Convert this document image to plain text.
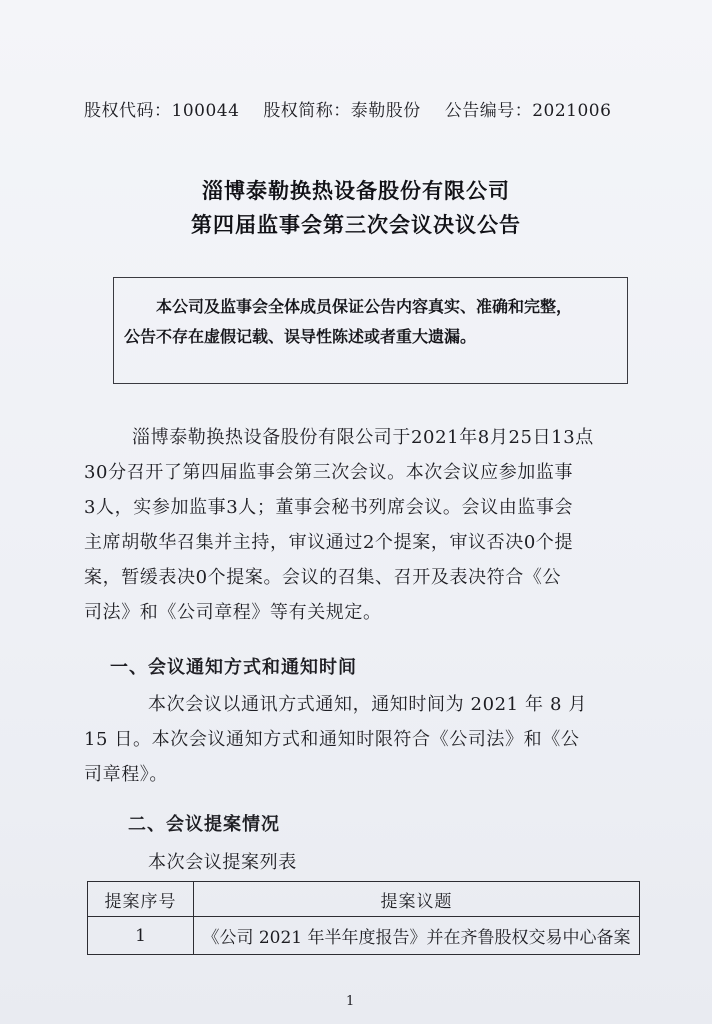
股权代码：100044 股权简称：泰勒股份 公告编号：2021006
淄博泰勒换热设备股份有限公司
第四届监事会第三次会议决议公告
本公司及监事会全体成员保证公告内容真实、准确和完整，
公告不存在虚假记载、误导性陈述或者重大遗漏。
淄博泰勒换热设备股份有限公司于2021年8月25日13点
30分召开了第四届监事会第三次会议。本次会议应参加监事
3人，实参加监事3人；董事会秘书列席会议。会议由监事会
主席胡敬华召集并主持，审议通过2个提案，审议否决0个提
案，暂缓表决0个提案。会议的召集、召开及表决符合《公
司法》和《公司章程》等有关规定。
一、会议通知方式和通知时间
本次会议以通讯方式通知，通知时间为 2021 年 8 月
15 日。本次会议通知方式和通知时限符合《公司法》和《公
司章程》。
二、会议提案情况
本次会议提案列表
提案序号	提案议题
1	《公司 2021 年半年度报告》并在齐鲁股权交易中心备案
1
